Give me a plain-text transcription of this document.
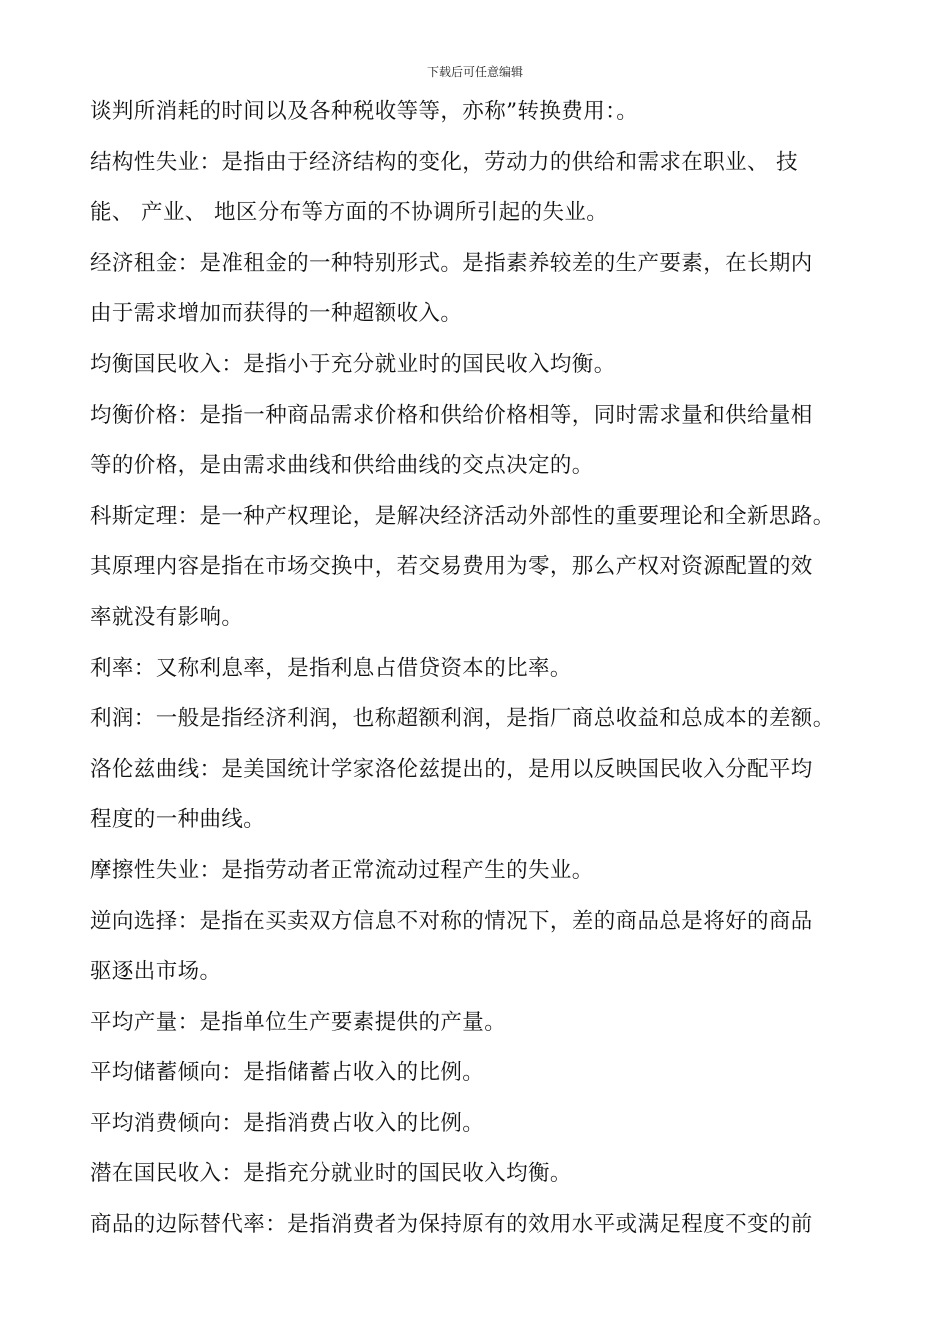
下载后可任意编辑
谈判所消耗的时间以及各种税收等等，亦称”转换费用：。
结构性失业：是指由于经济结构的变化，劳动力的供给和需求在职业、 技
能、 产业、 地区分布等方面的不协调所引起的失业。
经济租金：是准租金的一种特别形式。是指素养较差的生产要素，在长期内
由于需求增加而获得的一种超额收入。
均衡国民收入：是指小于充分就业时的国民收入均衡。
均衡价格：是指一种商品需求价格和供给价格相等，同时需求量和供给量相
等的价格，是由需求曲线和供给曲线的交点决定的。
科斯定理：是一种产权理论，是解决经济活动外部性的重要理论和全新思路。
其原理内容是指在市场交换中，若交易费用为零，那么产权对资源配置的效
率就没有影响。
利率：又称利息率，是指利息占借贷资本的比率。
利润：一般是指经济利润，也称超额利润，是指厂商总收益和总成本的差额。
洛伦兹曲线：是美国统计学家洛伦兹提出的，是用以反映国民收入分配平均
程度的一种曲线。
摩擦性失业：是指劳动者正常流动过程产生的失业。
逆向选择：是指在买卖双方信息不对称的情况下，差的商品总是将好的商品
驱逐出市场。
平均产量：是指单位生产要素提供的产量。
平均储蓄倾向：是指储蓄占收入的比例。
平均消费倾向：是指消费占收入的比例。
潜在国民收入：是指充分就业时的国民收入均衡。
商品的边际替代率：是指消费者为保持原有的效用水平或满足程度不变的前
